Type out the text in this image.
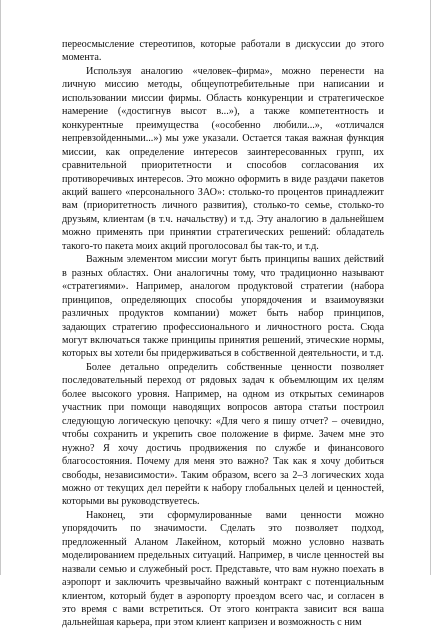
переосмысление стереотипов, которые работали в дискуссии до этого момента.

Используя аналогию «человек–фирма», можно перенести на личную миссию методы, общеупотребительные при написании и использовании миссии фирмы. Область конкуренции и стратегическое намерение («достигнув высот в...»), а также компетентность и конкурентные преимущества («особенно любили...», «отличался непревзойденными...») мы уже указали. Остается такая важная функция миссии, как определение интересов заинтересованных групп, их сравнительной приоритетности и способов согласования их противоречивых интересов. Это можно оформить в виде раздачи пакетов акций вашего «персонального ЗАО»: столько-то процентов принадлежит вам (приоритетность личного развития), столько-то семье, столько-то друзьям, клиентам (в т.ч. начальству) и т.д. Эту аналогию в дальнейшем можно применять при принятии стратегических решений: обладатель такого-то пакета моих акций проголосовал бы так-то, и т.д.

Важным элементом миссии могут быть принципы ваших действий в разных областях. Они аналогичны тому, что традиционно называют «стратегиями». Например, аналогом продуктовой стратегии (набора принципов, определяющих способы упорядочения и взаимоувязки различных продуктов компании) может быть набор принципов, задающих стратегию профессионального и личностного роста. Сюда могут включаться также принципы принятия решений, этические нормы, которых вы хотели бы придерживаться в собственной деятельности, и т.д.

Более детально определить собственные ценности позволяет последовательный переход от рядовых задач к объемлющим их целям более высокого уровня. Например, на одном из открытых семинаров участник при помощи наводящих вопросов автора статьи построил следующую логическую цепочку: «Для чего я пишу отчет? – очевидно, чтобы сохранить и укрепить свое положение в фирме. Зачем мне это нужно? Я хочу достичь продвижения по службе и финансового благосостояния. Почему для меня это важно? Так как я хочу добиться свободы, независимости». Таким образом, всего за 2–3 логических хода можно от текущих дел перейти к набору глобальных целей и ценностей, которыми вы руководствуетесь.

Наконец, эти сформулированные вами ценности можно упорядочить по значимости. Сделать это позволяет подход, предложенный Аланом Лакейном, который можно условно назвать моделированием предельных ситуаций. Например, в числе ценностей вы назвали семью и служебный рост. Представьте, что вам нужно поехать в аэропорт и заключить чрезвычайно важный контракт с потенциальным клиентом, который будет в аэропорту проездом всего час, и согласен в это время с вами встретиться. От этого контракта зависит вся ваша дальнейшая карьера, при этом клиент капризен и возможность с ним
